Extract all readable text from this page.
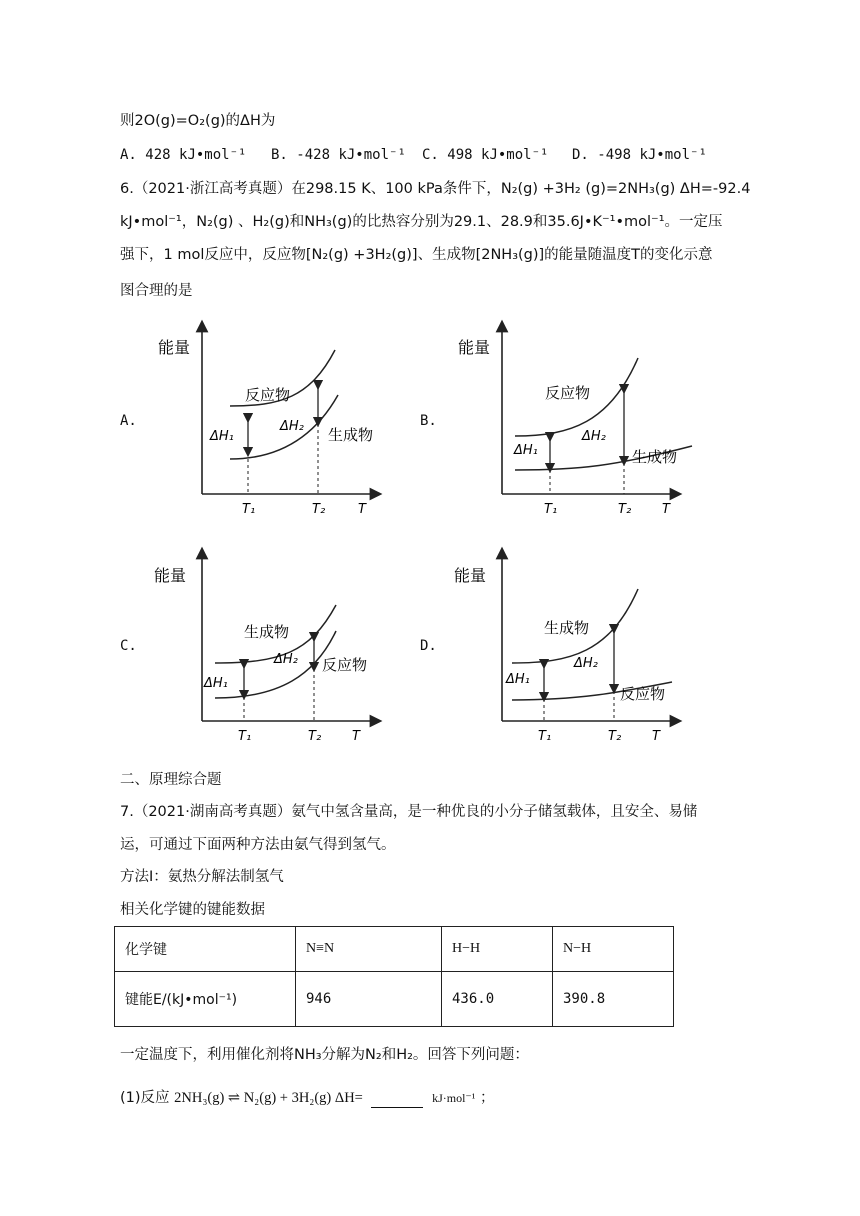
则2O(g)=O₂(g)的ΔH为
A. 428 kJ•mol⁻¹ B. -428 kJ•mol⁻¹ C. 498 kJ•mol⁻¹ D. -498 kJ•mol⁻¹
6.（2021·浙江高考真题）在298.15 K、100 kPa条件下，N₂(g) +3H₂ (g)=2NH₃(g) ΔH=-92.4
kJ•mol⁻¹，N₂(g) 、H₂(g)和NH₃(g)的比热容分别为29.1、28.9和35.6J•K⁻¹•mol⁻¹。一定压
强下，1 mol反应中，反应物[N₂(g) +3H₂(g)]、生成物[2NH₃(g)]的能量随温度T的变化示意
图合理的是
A.	B.
C.	D.
能量
反应物
生成物
ΔH₁
ΔH₂
T₁	T₂	T
能量
反应物
生成物
ΔH₁
ΔH₂
T₁	T₂ T
能量
生成物
反应物
ΔH₁
ΔH₂
T₁	T₂ T
能量
生成物
反应物
ΔH₁
ΔH₂
T₁	T₂ T
二、原理综合题
7.（2021·湖南高考真题）氨气中氢含量高，是一种优良的小分子储氢载体，且安全、易储
运，可通过下面两种方法由氨气得到氢气。
方法I：氨热分解法制氢气
相关化学键的键能数据
化学键	N≡N	H−H	N−H
键能E/(kJ•mol⁻¹)	946	436.0	390.8
一定温度下，利用催化剂将NH₃分解为N₂和H₂。回答下列问题：
(1)反应 2NH₃(g) ⇌ N₂(g) + 3H₂(g) ΔH=	kJ·mol⁻¹ ；
